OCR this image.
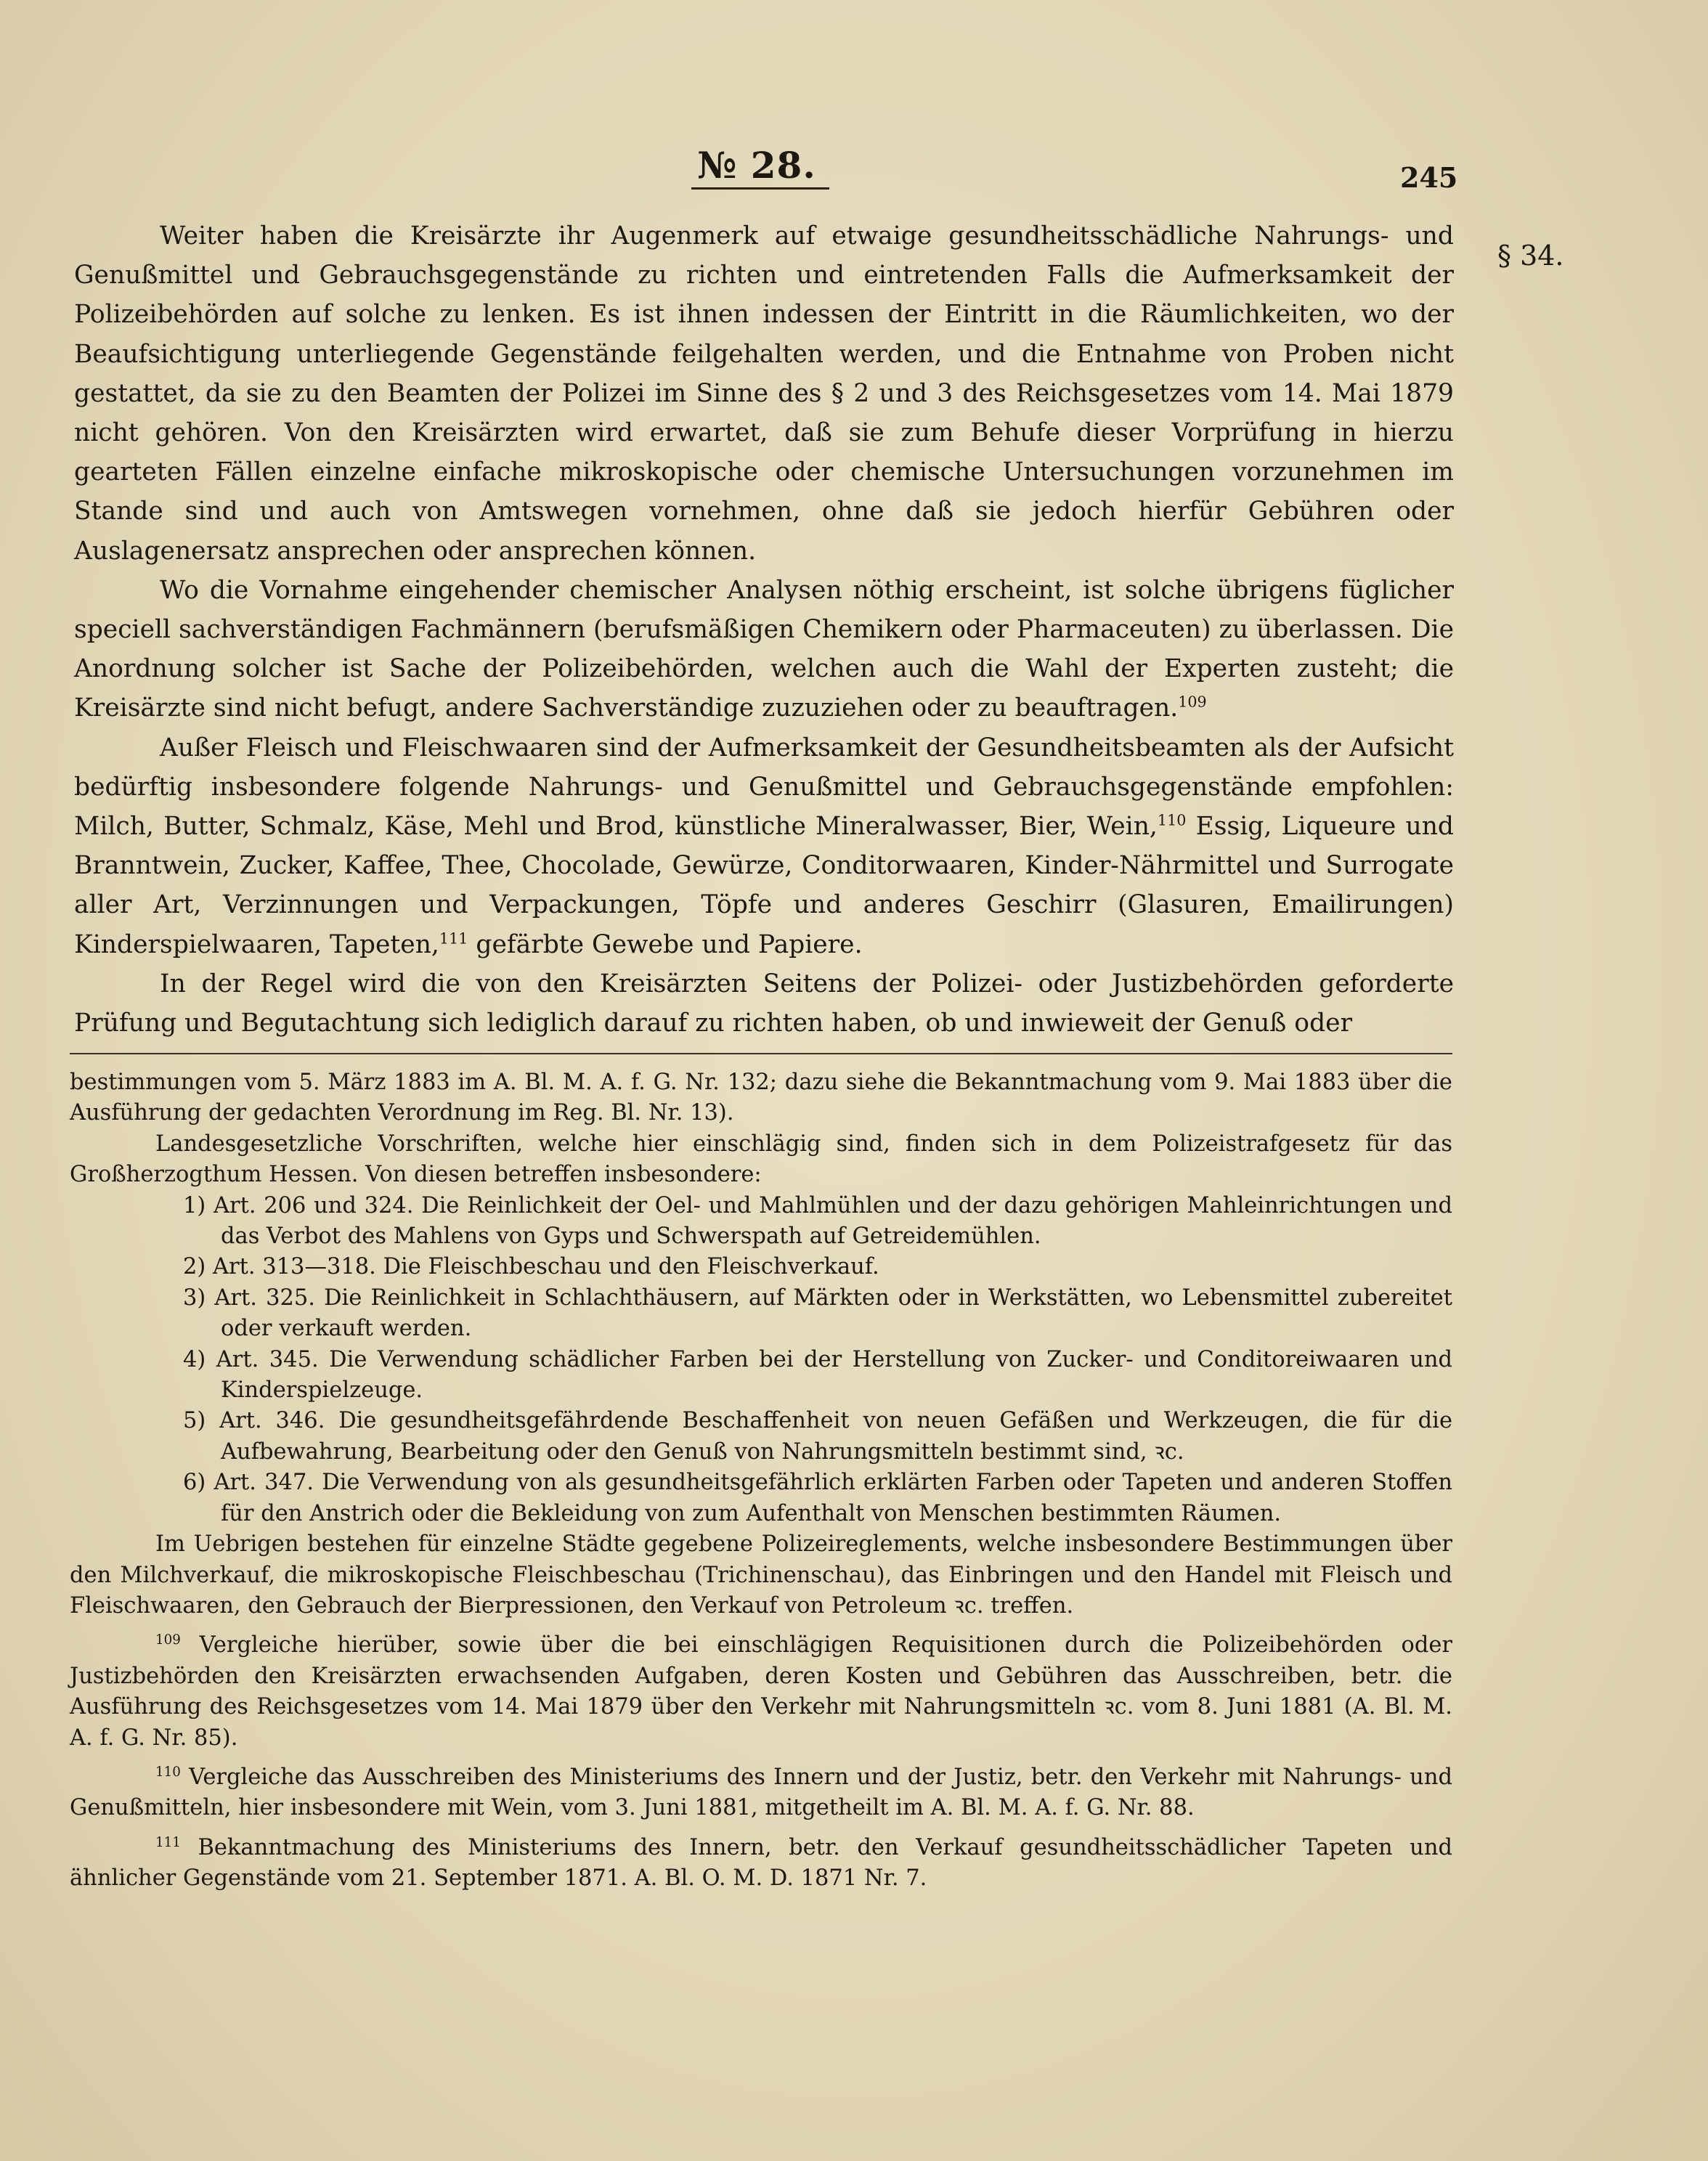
№ 28.	245
§ 34.

Weiter haben die Kreisärzte ihr Augenmerk auf etwaige gesundheitsschädliche Nahrungs- und Genußmittel und Gebrauchsgegenstände zu richten und eintretenden Falls die Aufmerksamkeit der Polizeibehörden auf solche zu lenken. Es ist ihnen indessen der Eintritt in die Räumlichkeiten, wo der Beaufsichtigung unterliegende Gegenstände feilgehalten werden, und die Entnahme von Proben nicht gestattet, da sie zu den Beamten der Polizei im Sinne des § 2 und 3 des Reichsgesetzes vom 14. Mai 1879 nicht gehören. Von den Kreisärzten wird erwartet, daß sie zum Behufe dieser Vorprüfung in hierzu gearteten Fällen einzelne einfache mikroskopische oder chemische Untersuchungen vorzunehmen im Stande sind und auch von Amtswegen vornehmen, ohne daß sie jedoch hierfür Gebühren oder Auslagenersatz ansprechen oder ansprechen können.

Wo die Vornahme eingehender chemischer Analysen nöthig erscheint, ist solche übrigens füglicher speciell sachverständigen Fachmännern (berufsmäßigen Chemikern oder Pharmaceuten) zu überlassen. Die Anordnung solcher ist Sache der Polizeibehörden, welchen auch die Wahl der Experten zusteht; die Kreisärzte sind nicht befugt, andere Sachverständige zuzuziehen oder zu beauftragen.$^{109}$

Außer Fleisch und Fleischwaaren sind der Aufmerksamkeit der Gesundheitsbeamten als der Aufsicht bedürftig insbesondere folgende Nahrungs- und Genußmittel und Gebrauchsgegenstände empfohlen: Milch, Butter, Schmalz, Käse, Mehl und Brod, künstliche Mineralwasser, Bier, Wein,$^{110}$ Essig, Liqueure und Branntwein, Zucker, Kaffee, Thee, Chocolade, Gewürze, Conditorwaaren, Kinder-Nährmittel und Surrogate aller Art, Verzinnungen und Verpackungen, Töpfe und anderes Geschirr (Glasuren, Emailirungen) Kinderspielwaaren, Tapeten,$^{111}$ gefärbte Gewebe und Papiere.

In der Regel wird die von den Kreisärzten Seitens der Polizei- oder Justizbehörden geforderte Prüfung und Begutachtung sich lediglich darauf zu richten haben, ob und inwieweit der Genuß oder

bestimmungen vom 5. März 1883 im A. Bl. M. A. f. G. Nr. 132; dazu siehe die Bekanntmachung vom 9. Mai 1883 über die Ausführung der gedachten Verordnung im Reg. Bl. Nr. 13).

Landesgesetzliche Vorschriften, welche hier einschlägig sind, finden sich in dem Polizeistrafgesetz für das Großherzogthum Hessen. Von diesen betreffen insbesondere:

1) Art. 206 und 324. Die Reinlichkeit der Oel- und Mahlmühlen und der dazu gehörigen Mahleinrichtungen und das Verbot des Mahlens von Gyps und Schwerspath auf Getreidemühlen.
2) Art. 313—318. Die Fleischbeschau und den Fleischverkauf.
3) Art. 325. Die Reinlichkeit in Schlachthäusern, auf Märkten oder in Werkstätten, wo Lebensmittel zubereitet oder verkauft werden.
4) Art. 345. Die Verwendung schädlicher Farben bei der Herstellung von Zucker- und Conditoreiwaaren und Kinderspielzeuge.
5) Art. 346. Die gesundheitsgefährdende Beschaffenheit von neuen Gefäßen und Werkzeugen, die für die Aufbewahrung, Bearbeitung oder den Genuß von Nahrungsmitteln bestimmt sind, ꝛc.
6) Art. 347. Die Verwendung von als gesundheitsgefährlich erklärten Farben oder Tapeten und anderen Stoffen für den Anstrich oder die Bekleidung von zum Aufenthalt von Menschen bestimmten Räumen.

Im Uebrigen bestehen für einzelne Städte gegebene Polizeireglements, welche insbesondere Bestimmungen über den Milchverkauf, die mikroskopische Fleischbeschau (Trichinenschau), das Einbringen und den Handel mit Fleisch und Fleischwaaren, den Gebrauch der Bierpressionen, den Verkauf von Petroleum ꝛc. treffen.

$^{109}$ Vergleiche hierüber, sowie über die bei einschlägigen Requisitionen durch die Polizeibehörden oder Justizbehörden den Kreisärzten erwachsenden Aufgaben, deren Kosten und Gebühren das Ausschreiben, betr. die Ausführung des Reichsgesetzes vom 14. Mai 1879 über den Verkehr mit Nahrungsmitteln ꝛc. vom 8. Juni 1881 (A. Bl. M. A. f. G. Nr. 85).

$^{110}$ Vergleiche das Ausschreiben des Ministeriums des Innern und der Justiz, betr. den Verkehr mit Nahrungs- und Genußmitteln, hier insbesondere mit Wein, vom 3. Juni 1881, mitgetheilt im A. Bl. M. A. f. G. Nr. 88.

$^{111}$ Bekanntmachung des Ministeriums des Innern, betr. den Verkauf gesundheitsschädlicher Tapeten und ähnlicher Gegenstände vom 21. September 1871. A. Bl. O. M. D. 1871 Nr. 7.
